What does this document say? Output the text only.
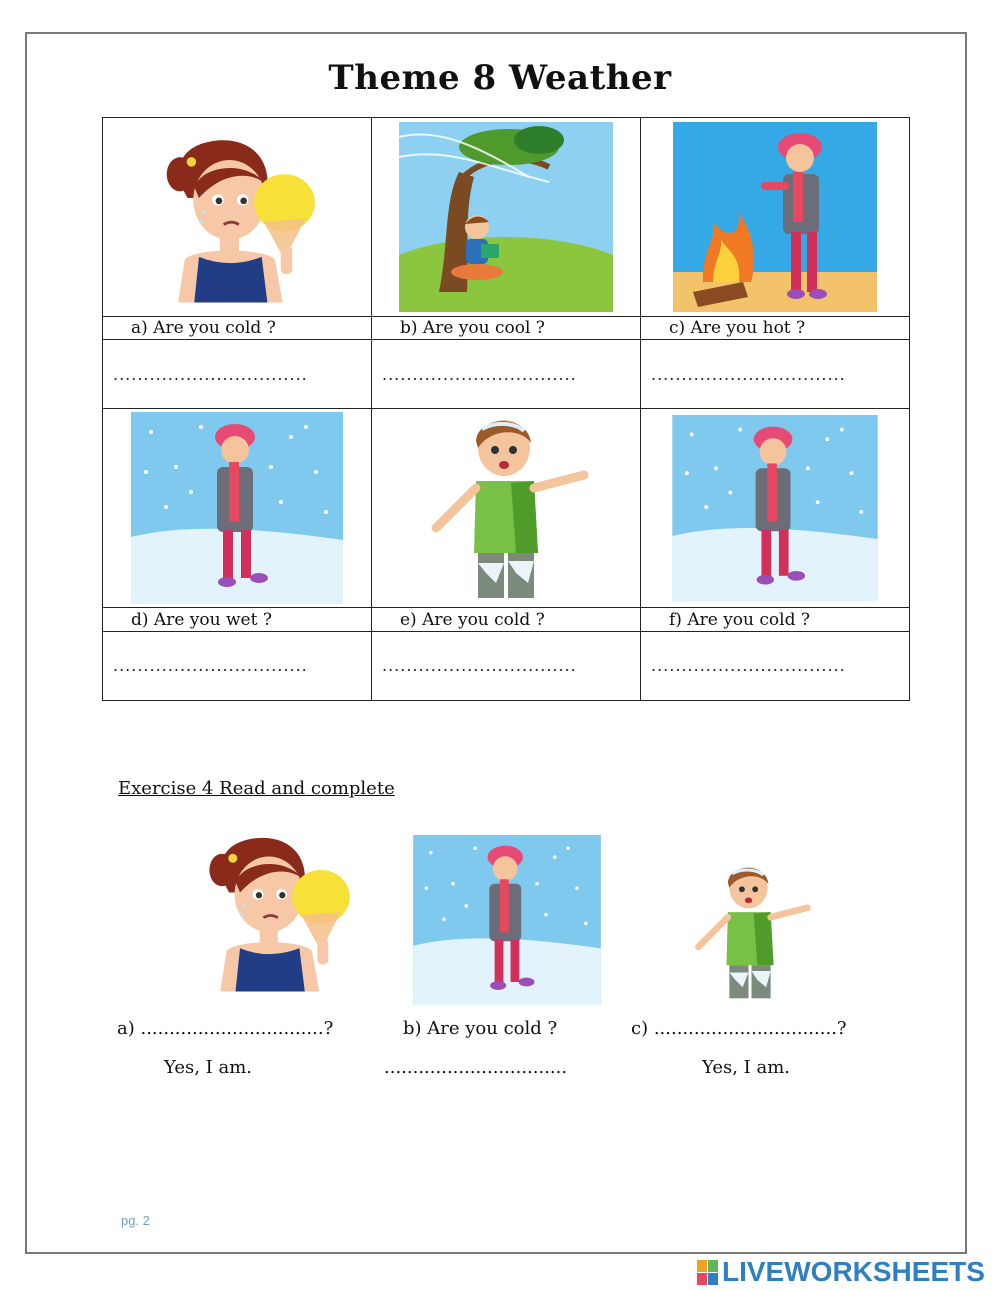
Theme 8 Weather

a) Are you cold ?	b) Are you cool ?	c) Are you hot ?
................................	................................	................................

d) Are you wet ?	e) Are you cold ?	f) Are you cold ?
................................	................................	................................
Exercise 4 Read and complete
a) ................................?	b) Are you cold ?	c) ................................?
Yes, I am.	................................	Yes, I am.
pg. 2
LIVEWORKSHEETS
